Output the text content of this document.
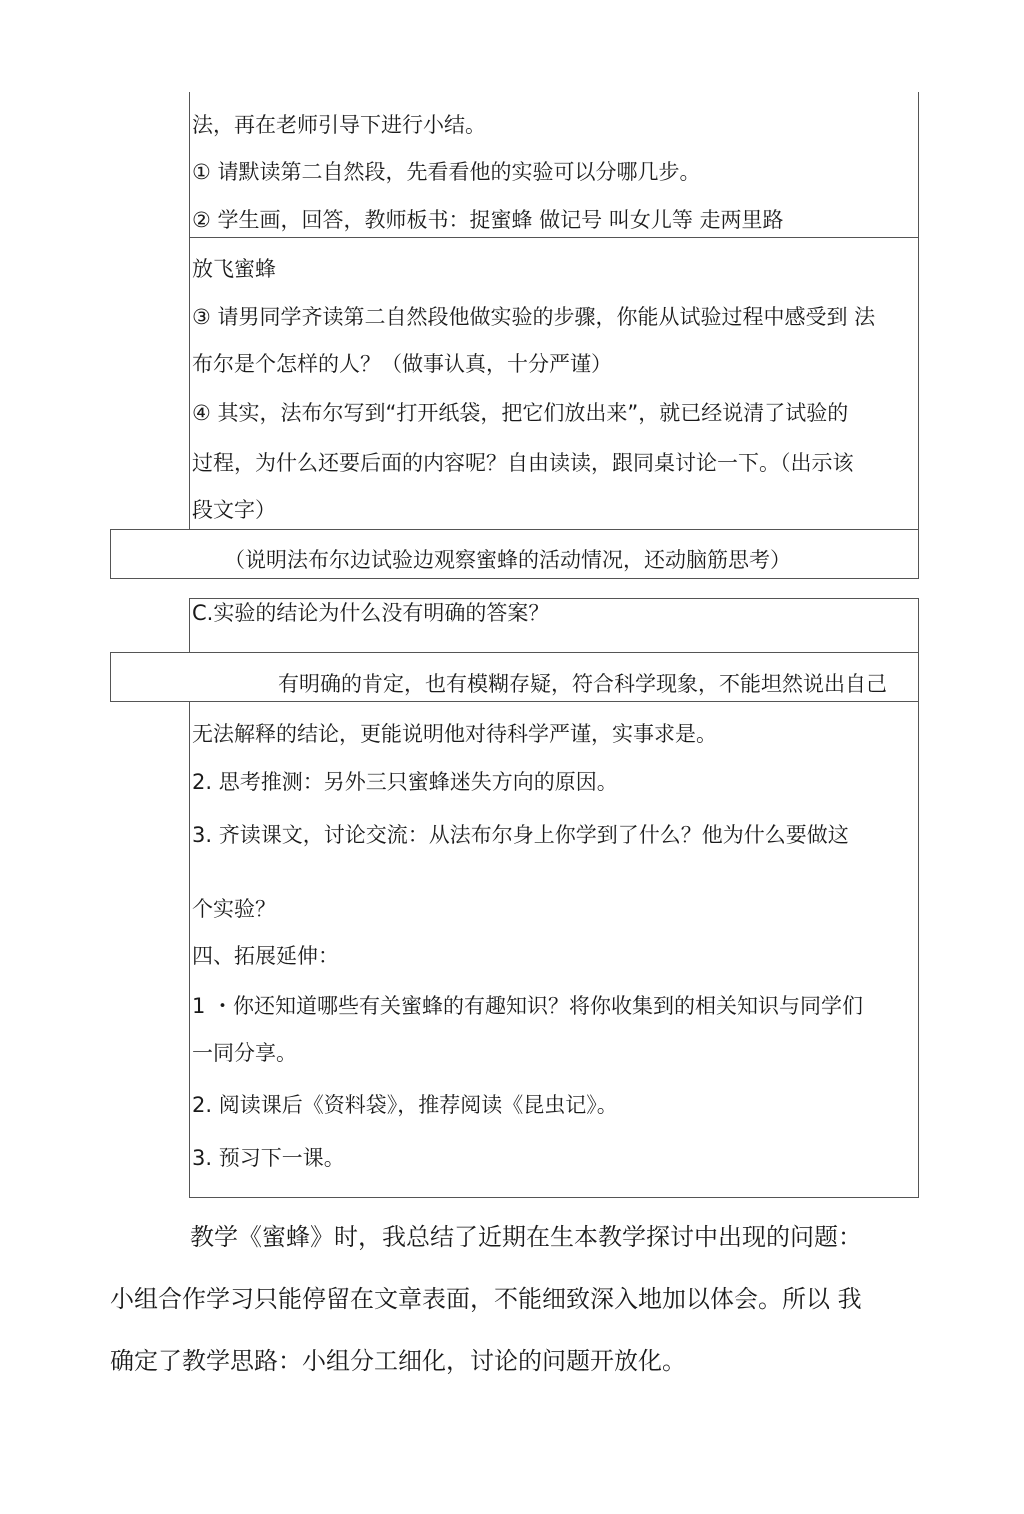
法，再在老师引导下进行小结。
① 请默读第二自然段，先看看他的实验可以分哪几步。
② 学生画，回答，教师板书：捉蜜蜂 做记号 叫女儿等 走两里路
放飞蜜蜂
③ 请男同学齐读第二自然段他做实验的步骤，你能从试验过程中感受到 法
布尔是个怎样的人？（做事认真，十分严谨）
④ 其实，法布尔写到“打开纸袋，把它们放出来”，就已经说清了试验的
过程，为什么还要后面的内容呢？自由读读，跟同桌讨论一下。（出示该
段文字）
（说明法布尔边试验边观察蜜蜂的活动情况，还动脑筋思考）
C.实验的结论为什么没有明确的答案？
有明确的肯定，也有模糊存疑，符合科学现象，不能坦然说出自己
无法解释的结论，更能说明他对待科学严谨，实事求是。
2. 思考推测：另外三只蜜蜂迷失方向的原因。
3. 齐读课文，讨论交流：从法布尔身上你学到了什么？他为什么要做这
个实验？
四、拓展延伸：
1 ・你还知道哪些有关蜜蜂的有趣知识？将你收集到的相关知识与同学们
一同分享。
2. 阅读课后《资料袋》，推荐阅读《昆虫记》。
3. 预习下一课。
教学《蜜蜂》时，我总结了近期在生本教学探讨中出现的问题：
小组合作学习只能停留在文章表面，不能细致深入地加以体会。所以 我
确定了教学思路：小组分工细化，讨论的问题开放化。
